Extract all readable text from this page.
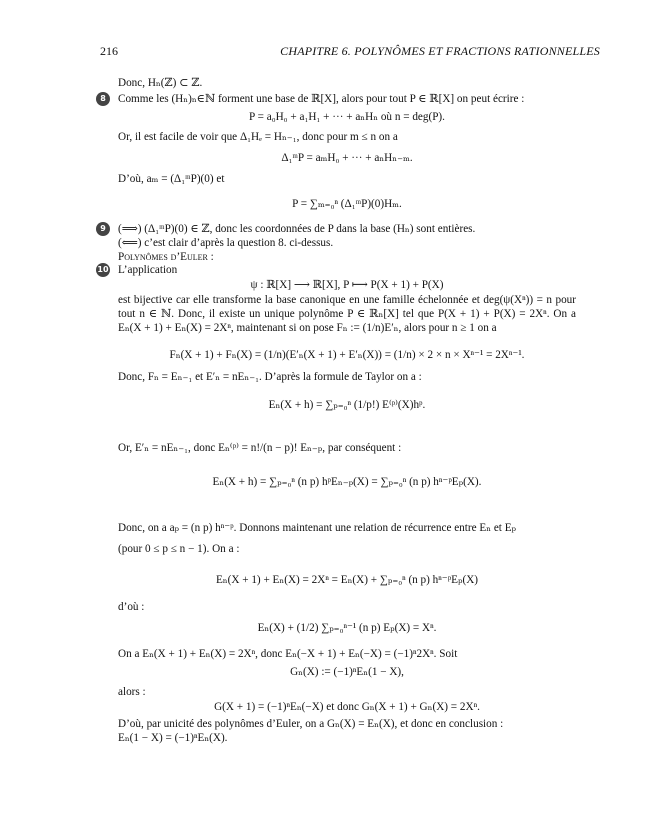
216	CHAPITRE 6. POLYNÔMES ET FRACTIONS RATIONNELLES
8
9
10
Donc, Hₙ(ℤ) ⊂ ℤ.
Comme les (Hₙ)ₙ∈ℕ forment une base de ℝ[X], alors pour tout P ∈ ℝ[X] on peut écrire :
P = a₀H₀ + a₁H₁ + ··· + aₙHₙ où n = deg(P).
Or, il est facile de voir que Δ₁Hₑ = Hₙ₋₁, donc pour m ≤ n on a
Δ₁ᵐP = aₘH₀ + ··· + aₙHₙ₋ₘ.
D’où, aₘ = (Δ₁ᵐP)(0) et
P = ∑ₘ₌₀ⁿ (Δ₁ᵐP)(0)Hₘ.
(⟹) (Δ₁ᵐP)(0) ∈ ℤ, donc les coordonnées de P dans la base (Hₙ) sont entières.
(⟸) c’est clair d’après la question 8. ci-dessus.
Polynômes d’Euler :
L’application
ψ : ℝ[X] ⟶ ℝ[X], P ⟼ P(X + 1) + P(X)
est bijective car elle transforme la base canonique en une famille échelonnée et deg(ψ(Xⁿ)) = n pour tout n ∈ ℕ. Donc, il existe un unique polynôme P ∈ ℝₙ[X] tel que P(X + 1) + P(X) = 2Xⁿ. On a Eₙ(X + 1) + Eₙ(X) = 2Xⁿ, maintenant si on pose Fₙ := (1/n)E′ₙ, alors pour n ≥ 1 on a
Fₙ(X + 1) + Fₙ(X) = (1/n)(E′ₙ(X + 1) + E′ₙ(X)) = (1/n) × 2 × n × Xⁿ⁻¹ = 2Xⁿ⁻¹.
Donc, Fₙ = Eₙ₋₁ et E′ₙ = nEₙ₋₁. D’après la formule de Taylor on a :
Eₙ(X + h) = ∑ₚ₌₀ⁿ (1/p!) E⁽ᵖ⁾(X)hᵖ.
Or, E′ₙ = nEₙ₋₁, donc Eₙ⁽ᵖ⁾ = n!/(n − p)! Eₙ₋ₚ, par conséquent :
Eₙ(X + h) = ∑ₚ₌₀ⁿ (n p) hᵖEₙ₋ₚ(X) = ∑ₚ₌₀ⁿ (n p) hⁿ⁻ᵖEₚ(X).
Donc, on a aₚ = (n p) hⁿ⁻ᵖ. Donnons maintenant une relation de récurrence entre Eₙ et Eₚ
(pour 0 ≤ p ≤ n − 1). On a :
Eₙ(X + 1) + Eₙ(X) = 2Xⁿ = Eₙ(X) + ∑ₚ₌₀ⁿ (n p) hⁿ⁻ᵖEₚ(X)
d’où :
Eₙ(X) + (1/2) ∑ₚ₌₀ⁿ⁻¹ (n p) Eₚ(X) = Xⁿ.
On a Eₙ(X + 1) + Eₙ(X) = 2Xⁿ, donc Eₙ(−X + 1) + Eₙ(−X) = (−1)ⁿ2Xⁿ. Soit
Gₙ(X) := (−1)ⁿEₙ(1 − X),
alors :
G(X + 1) = (−1)ⁿEₙ(−X) et donc Gₙ(X + 1) + Gₙ(X) = 2Xⁿ.
D’où, par unicité des polynômes d’Euler, on a Gₙ(X) = Eₙ(X), et donc en conclusion :
Eₙ(1 − X) = (−1)ⁿEₙ(X).
